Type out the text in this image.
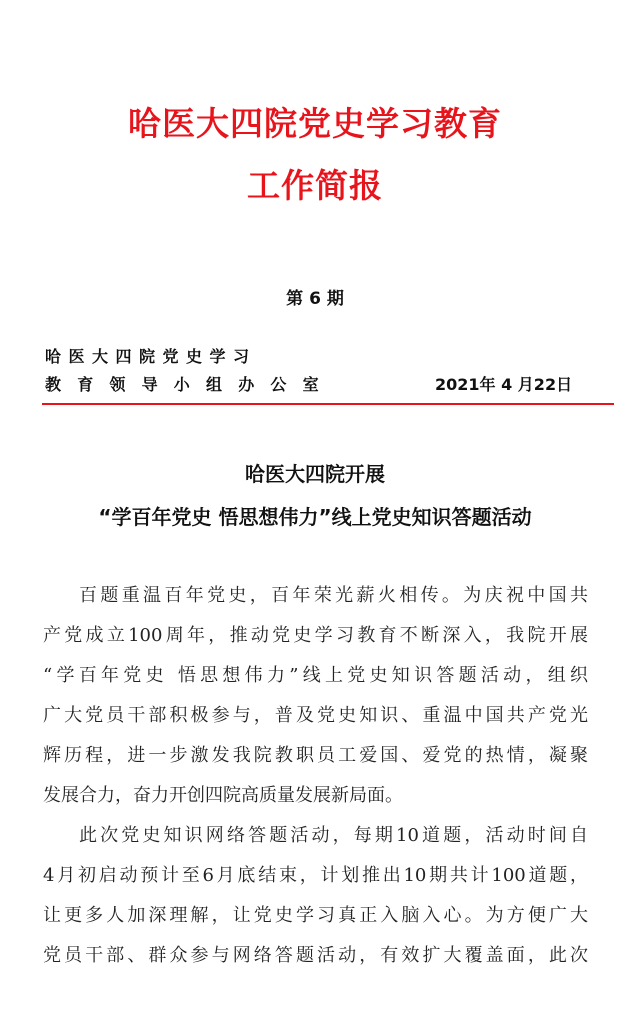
哈医大四院党史学习教育
工作简报
第 6 期
哈医大四院党史学习
教育领导小组办公室	2021年 4 月22日
哈医大四院开展
“学百年党史 悟思想伟力”线上党史知识答题活动
百题重温百年党史，百年荣光薪火相传。为庆祝中国共
产党成立100周年，推动党史学习教育不断深入，我院开展
“学百年党史 悟思想伟力”线上党史知识答题活动，组织
广大党员干部积极参与，普及党史知识、重温中国共产党光
辉历程，进一步激发我院教职员工爱国、爱党的热情，凝聚
发展合力，奋力开创四院高质量发展新局面。
此次党史知识网络答题活动，每期10道题，活动时间自
4月初启动预计至6月底结束，计划推出10期共计100道题，
让更多人加深理解，让党史学习真正入脑入心。为方便广大
党员干部、群众参与网络答题活动，有效扩大覆盖面，此次
